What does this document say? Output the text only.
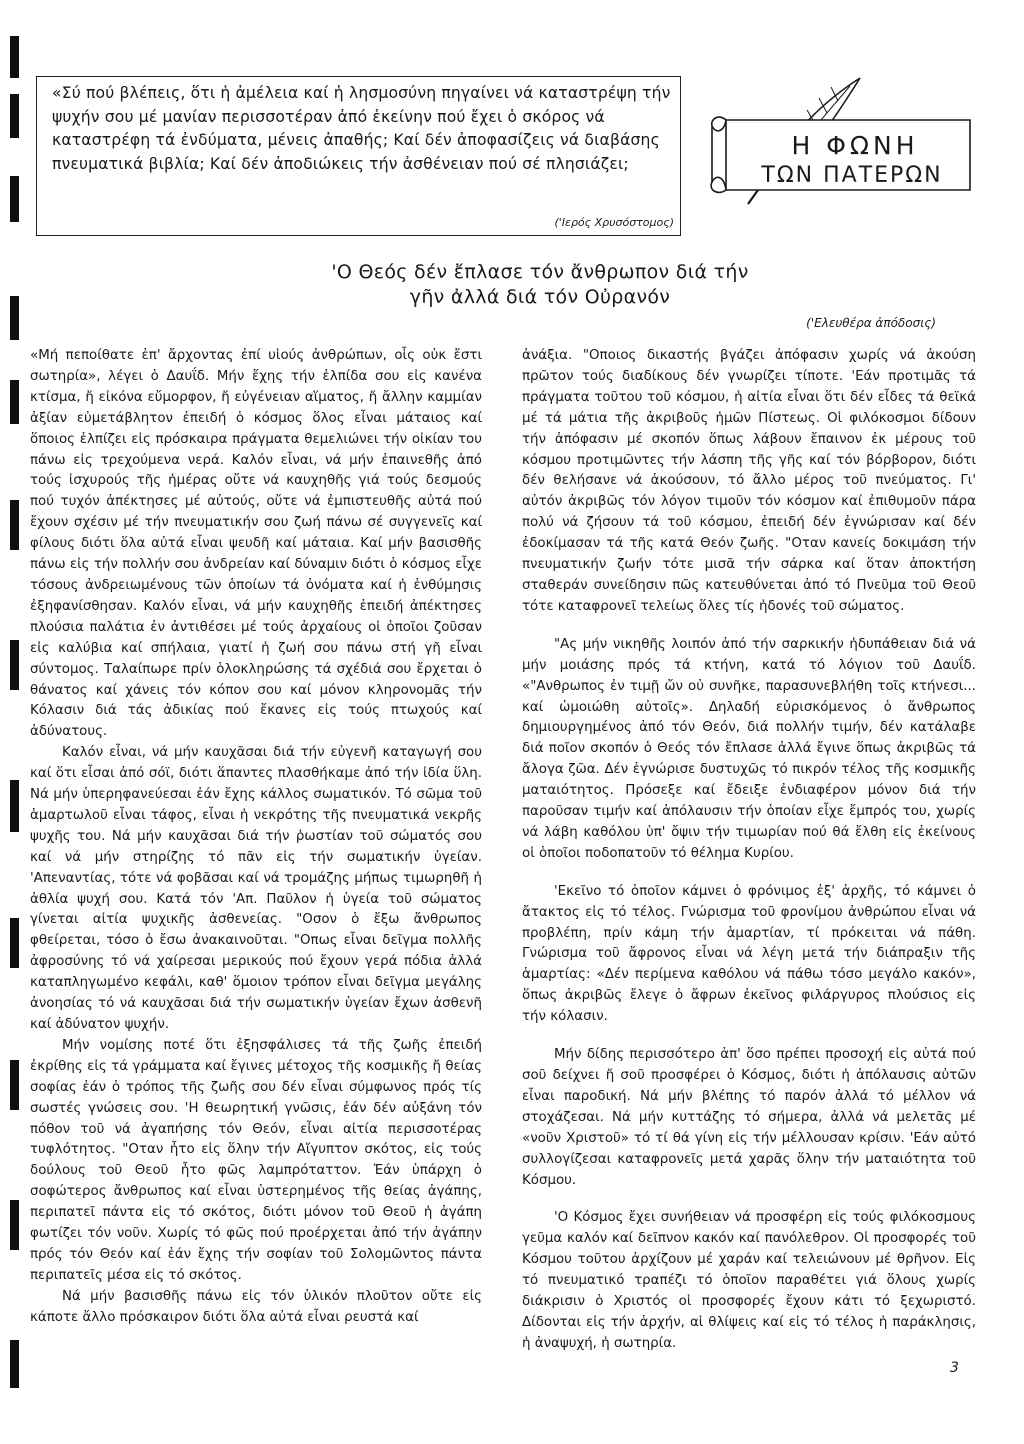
«Σύ πού βλέπεις, ὅτι ἡ ἀμέλεια καί ἡ λησμοσύνη πηγαίνει νά καταστρέψη τήν ψυχήν σου μέ μανίαν περισσοτέραν ἀπό ἐκείνην πού ἔχει ὁ σκόρος νά καταστρέφη τά ἐνδύματα, μένεις ἀπαθής; Καί δέν ἀποφασίζεις νά διαβάσης πνευματικά βιβλία; Καί δέν ἀποδιώκεις τήν ἀσθένειαν πού σέ πλησιάζει;

('Ιερός Χρυσόστομος)

Η ΦΩΝΗ
ΤΩΝ ΠΑΤΕΡΩΝ
'Ο Θεός δέν ἔπλασε τόν ἄνθρωπον διά τήν
γῆν ἀλλά διά τόν Οὐρανόν

('Ελευθέρα ἀπόδοσις)

«Μή πεποίθατε ἐπ' ἄρχοντας ἐπί υἱούς ἀνθρώπων, οἷς οὐκ ἔστι σωτηρία», λέγει ὁ Δαυΐδ. Μήν ἔχης τήν ἐλπίδα σου εἰς κανένα κτίσμα, ἤ εἰκόνα εὔμορφον, ἤ εὐγένειαν αἵματος, ἤ ἄλλην καμμίαν ἀξίαν εὐμετάβλητον ἐπειδή ὁ κόσμος ὅλος εἶναι μάταιος καί ὅποιος ἐλπίζει εἰς πρόσκαιρα πράγματα θεμελιώνει τήν οἰκίαν του πάνω εἰς τρεχούμενα νερά. Καλόν εἶναι, νά μήν ἐπαινεθῆς ἀπό τούς ἰσχυρούς τῆς ἡμέρας οὔτε νά καυχηθῆς γιά τούς δεσμούς πού τυχόν ἀπέκτησες μέ αὐτούς, οὔτε νά ἐμπιστευθῆς αὐτά πού ἔχουν σχέσιν μέ τήν πνευματικήν σου ζωή πάνω σέ συγγενεῖς καί φίλους διότι ὅλα αὐτά εἶναι ψευδῆ καί μάταια. Καί μήν βασισθῆς πάνω εἰς τήν πολλήν σου ἀνδρείαν καί δύναμιν διότι ὁ κόσμος εἶχε τόσους ἀνδρειωμένους τῶν ὁποίων τά ὀνόματα καί ἡ ἐνθύμησις ἐξηφανίσθησαν. Καλόν εἶναι, νά μήν καυχηθῆς ἐπειδή ἀπέκτησες πλούσια παλάτια ἐν ἀντιθέσει μέ τούς ἀρχαίους οἱ ὁποῖοι ζοῦσαν εἰς καλύβια καί σπήλαια, γιατί ἡ ζωή σου πάνω στή γῆ εἶναι σύντομος. Ταλαίπωρε πρίν ὁλοκληρώσης τά σχέδιά σου ἔρχεται ὁ θάνατος καί χάνεις τόν κόπον σου καί μόνον κληρονομᾶς τήν Κόλασιν διά τάς ἀδικίας πού ἔκανες εἰς τούς πτωχούς καί ἀδύνατους.

Καλόν εἶναι, νά μήν καυχᾶσαι διά τήν εὐγενῆ καταγωγή σου καί ὅτι εἶσαι ἀπό σόϊ, διότι ἅπαντες πλασθήκαμε ἀπό τήν ἰδία ὕλη. Νά μήν ὑπερηφανεύεσαι ἐάν ἔχης κάλλος σωματικόν. Τό σῶμα τοῦ ἁμαρτωλοῦ εἶναι τάφος, εἶναι ἡ νεκρότης τῆς πνευματικά νεκρῆς ψυχῆς του. Νά μήν καυχᾶσαι διά τήν ῥωστίαν τοῦ σώματός σου καί νά μήν στηρίζης τό πᾶν εἰς τήν σωματικήν ὑγείαν. 'Απεναντίας, τότε νά φοβᾶσαι καί νά τρομάζης μήπως τιμωρηθῆ ἡ ἀθλία ψυχή σου. Κατά τόν 'Απ. Παῦλον ἡ ὑγεία τοῦ σώματος γίνεται αἰτία ψυχικῆς ἀσθενείας. "Οσον ὁ ἔξω ἄνθρωπος φθείρεται, τόσο ὁ ἔσω ἀνακαινοῦται. "Οπως εἶναι δεῖγμα πολλῆς ἀφροσύνης τό νά χαίρεσαι μερικούς πού ἔχουν γερά πόδια ἀλλά καταπληγωμένο κεφάλι, καθ' ὅμοιον τρόπον εἶναι δεῖγμα μεγάλης ἀνοησίας τό νά καυχᾶσαι διά τήν σωματικήν ὑγείαν ἔχων ἀσθενῆ καί ἀδύνατον ψυχήν.

Μήν νομίσης ποτέ ὅτι ἐξησφάλισες τά τῆς ζωῆς ἐπειδή ἐκρίθης εἰς τά γράμματα καί ἔγινες μέτοχος τῆς κοσμικῆς ἤ θείας σοφίας ἐάν ὁ τρόπος τῆς ζωῆς σου δέν εἶναι σύμφωνος πρός τίς σωστές γνώσεις σου. 'Η θεωρητική γνῶσις, ἐάν δέν αὐξάνη τόν πόθον τοῦ νά ἀγαπήσης τόν Θεόν, εἶναι αἰτία περισσοτέρας τυφλότητος. "Οταν ἦτο εἰς ὅλην τήν Αἴγυπτον σκότος, εἰς τούς δούλους τοῦ Θεοῦ ἦτο φῶς λαμπρόταττον. Ἐάν ὑπάρχη ὁ σοφώτερος ἄνθρωπος καί εἶναι ὑστερημένος τῆς θείας ἀγάπης, περιπατεῖ πάντα εἰς τό σκότος, διότι μόνον τοῦ Θεοῦ ἡ ἀγάπη φωτίζει τόν νοῦν. Χωρίς τό φῶς πού προέρχεται ἀπό τήν ἀγάπην πρός τόν Θεόν καί ἐάν ἔχης τήν σοφίαν τοῦ Σολομῶντος πάντα περιπατεῖς μέσα εἰς τό σκότος.

Νά μήν βασισθῆς πάνω εἰς τόν ὑλικόν πλοῦτον οὔτε εἰς κάποτε ἄλλο πρόσκαιρον διότι ὅλα αὐτά εἶναι ρευστά καί

ἀνάξια. "Οποιος δικαστής βγάζει ἀπόφασιν χωρίς νά ἀκούση πρῶτον τούς διαδίκους δέν γνωρίζει τίποτε. 'Εάν προτιμᾶς τά πράγματα τοῦτου τοῦ κόσμου, ἡ αἰτία εἶναι ὅτι δέν εἶδες τά θεϊκά μέ τά μάτια τῆς ἀκριβοῦς ἡμῶν Πίστεως. Οἱ φιλόκοσμοι δίδουν τήν ἀπόφασιν μέ σκοπόν ὅπως λάβουν ἔπαινον ἐκ μέρους τοῦ κόσμου προτιμῶντες τήν λάσπη τῆς γῆς καί τόν βόρβορον, διότι δέν θελήσανε νά ἀκούσουν, τό ἄλλο μέρος τοῦ πνεύματος. Γι' αὐτόν ἀκριβῶς τόν λόγον τιμοῦν τόν κόσμον καί ἐπιθυμοῦν πάρα πολύ νά ζήσουν τά τοῦ κόσμου, ἐπειδή δέν ἐγνώρισαν καί δέν ἐδοκίμασαν τά τῆς κατά Θεόν ζωῆς. "Οταν κανείς δοκιμάση τήν πνευματικήν ζωήν τότε μισᾶ τήν σάρκα καί ὅταν ἀποκτήση σταθεράν συνείδησιν πῶς κατευθύνεται ἀπό τό Πνεῦμα τοῦ Θεοῦ τότε καταφρονεῖ τελείως ὅλες τίς ἡδονές τοῦ σώματος.

"Ας μήν νικηθῆς λοιπόν ἀπό τήν σαρκικήν ἡδυπάθειαν διά νά μήν μοιάσης πρός τά κτήνη, κατά τό λόγιον τοῦ Δαυΐδ. «"Ανθρωπος ἐν τιμῇ ὤν οὐ συνῆκε, παρασυνεβλήθη τοῖς κτήνεσι... καί ὡμοιώθη αὐτοῖς». Δηλαδή εὐρισκόμενος ὁ ἄνθρωπος δημιουργημένος ἀπό τόν Θεόν, διά πολλήν τιμήν, δέν κατάλαβε διά ποῖον σκοπόν ὁ Θεός τόν ἔπλασε ἀλλά ἔγινε ὅπως ἀκριβῶς τά ἄλογα ζῶα. Δέν ἐγνώρισε δυστυχῶς τό πικρόν τέλος τῆς κοσμικῆς ματαιότητος. Πρόσεξε καί ἔδειξε ἐνδιαφέρον μόνον διά τήν παροῦσαν τιμήν καί ἀπόλαυσιν τήν ὁποίαν εἶχε ἔμπρός του, χωρίς νά λάβη καθόλου ὑπ' ὄψιν τήν τιμωρίαν πού θά ἔλθη εἰς ἐκείνους οἱ ὁποῖοι ποδοπατοῦν τό θέλημα Κυρίου.

'Εκεῖνο τό ὁποῖον κάμνει ὁ φρόνιμος ἐξ' ἀρχῆς, τό κάμνει ὁ ἄτακτος εἰς τό τέλος. Γνώρισμα τοῦ φρονίμου ἀνθρώπου εἶναι νά προβλέπη, πρίν κάμη τήν ἁμαρτίαν, τί πρόκειται νά πάθη. Γνώρισμα τοῦ ἄφρονος εἶναι νά λέγη μετά τήν διάπραξιν τῆς ἁμαρτίας: «Δέν περίμενα καθόλου νά πάθω τόσο μεγάλο κακόν», ὅπως ἀκριβῶς ἔλεγε ὁ ἄφρων ἐκεῖνος φιλάργυρος πλούσιος εἰς τήν κόλασιν.

Μήν δίδης περισσότερο ἀπ' ὅσο πρέπει προσοχή εἰς αὐτά πού σοῦ δείχνει ἤ σοῦ προσφέρει ὁ Κόσμος, διότι ἡ ἀπόλαυσις αὐτῶν εἶναι παροδική. Νά μήν βλέπης τό παρόν ἀλλά τό μέλλον νά στοχάζεσαι. Νά μήν κυττάζης τό σήμερα, ἀλλά νά μελετᾶς μέ «νοῦν Χριστοῦ» τό τί θά γίνη εἰς τήν μέλλουσαν κρίσιν. 'Εάν αὐτό συλλογίζεσαι καταφρονεῖς μετά χαρᾶς ὅλην τήν ματαιότητα τοῦ Κόσμου.

'Ο Κόσμος ἔχει συνήθειαν νά προσφέρη εἰς τούς φιλόκοσμους γεῦμα καλόν καί δεῖπνον κακόν καί πανόλεθρον. Οἱ προσφορές τοῦ Κόσμου τοῦτου ἀρχίζουν μέ χαράν καί τελειώνουν μέ θρῆνον. Εἰς τό πνευματικό τραπέζι τό ὁποῖον παραθέτει γιά ὅλους χωρίς διάκρισιν ὁ Χριστός οἱ προσφορές ἔχουν κάτι τό ξεχωριστό. Δίδονται εἰς τήν ἀρχήν, αἱ θλίψεις καί εἰς τό τέλος ἡ παράκλησις, ἡ ἀναψυχή, ἡ σωτηρία.

3
